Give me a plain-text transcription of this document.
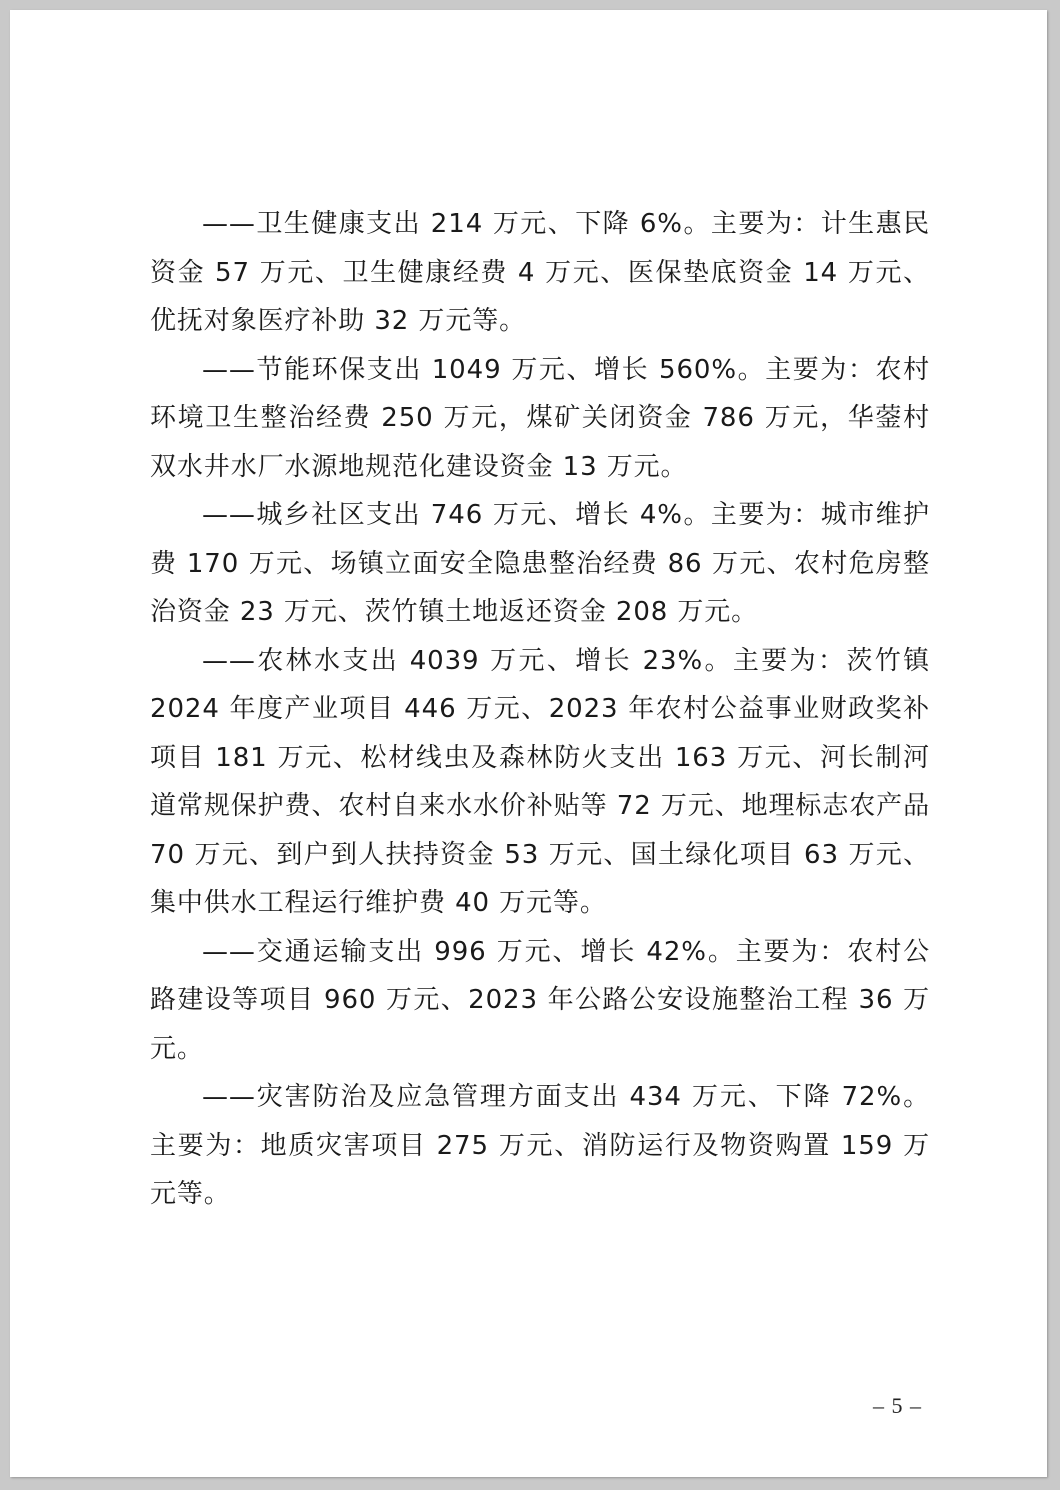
——卫生健康支出 214 万元、下降 6%。主要为：计生惠民资金 57 万元、卫生健康经费 4 万元、医保垫底资金 14 万元、优抚对象医疗补助 32 万元等。

——节能环保支出 1049 万元、增长 560%。主要为：农村环境卫生整治经费 250 万元，煤矿关闭资金 786 万元，华蓥村双水井水厂水源地规范化建设资金 13 万元。

——城乡社区支出 746 万元、增长 4%。主要为：城市维护费 170 万元、场镇立面安全隐患整治经费 86 万元、农村危房整治资金 23 万元、茨竹镇土地返还资金 208 万元。

——农林水支出 4039 万元、增长 23%。主要为：茨竹镇 2024 年度产业项目 446 万元、2023 年农村公益事业财政奖补项目 181 万元、松材线虫及森林防火支出 163 万元、河长制河道常规保护费、农村自来水水价补贴等 72 万元、地理标志农产品 70 万元、到户到人扶持资金 53 万元、国土绿化项目 63 万元、集中供水工程运行维护费 40 万元等。

——交通运输支出 996 万元、增长 42%。主要为：农村公路建设等项目 960 万元、2023 年公路公安设施整治工程 36 万元。

——灾害防治及应急管理方面支出 434 万元、下降 72%。主要为：地质灾害项目 275 万元、消防运行及物资购置 159 万元等。

– 5 –
